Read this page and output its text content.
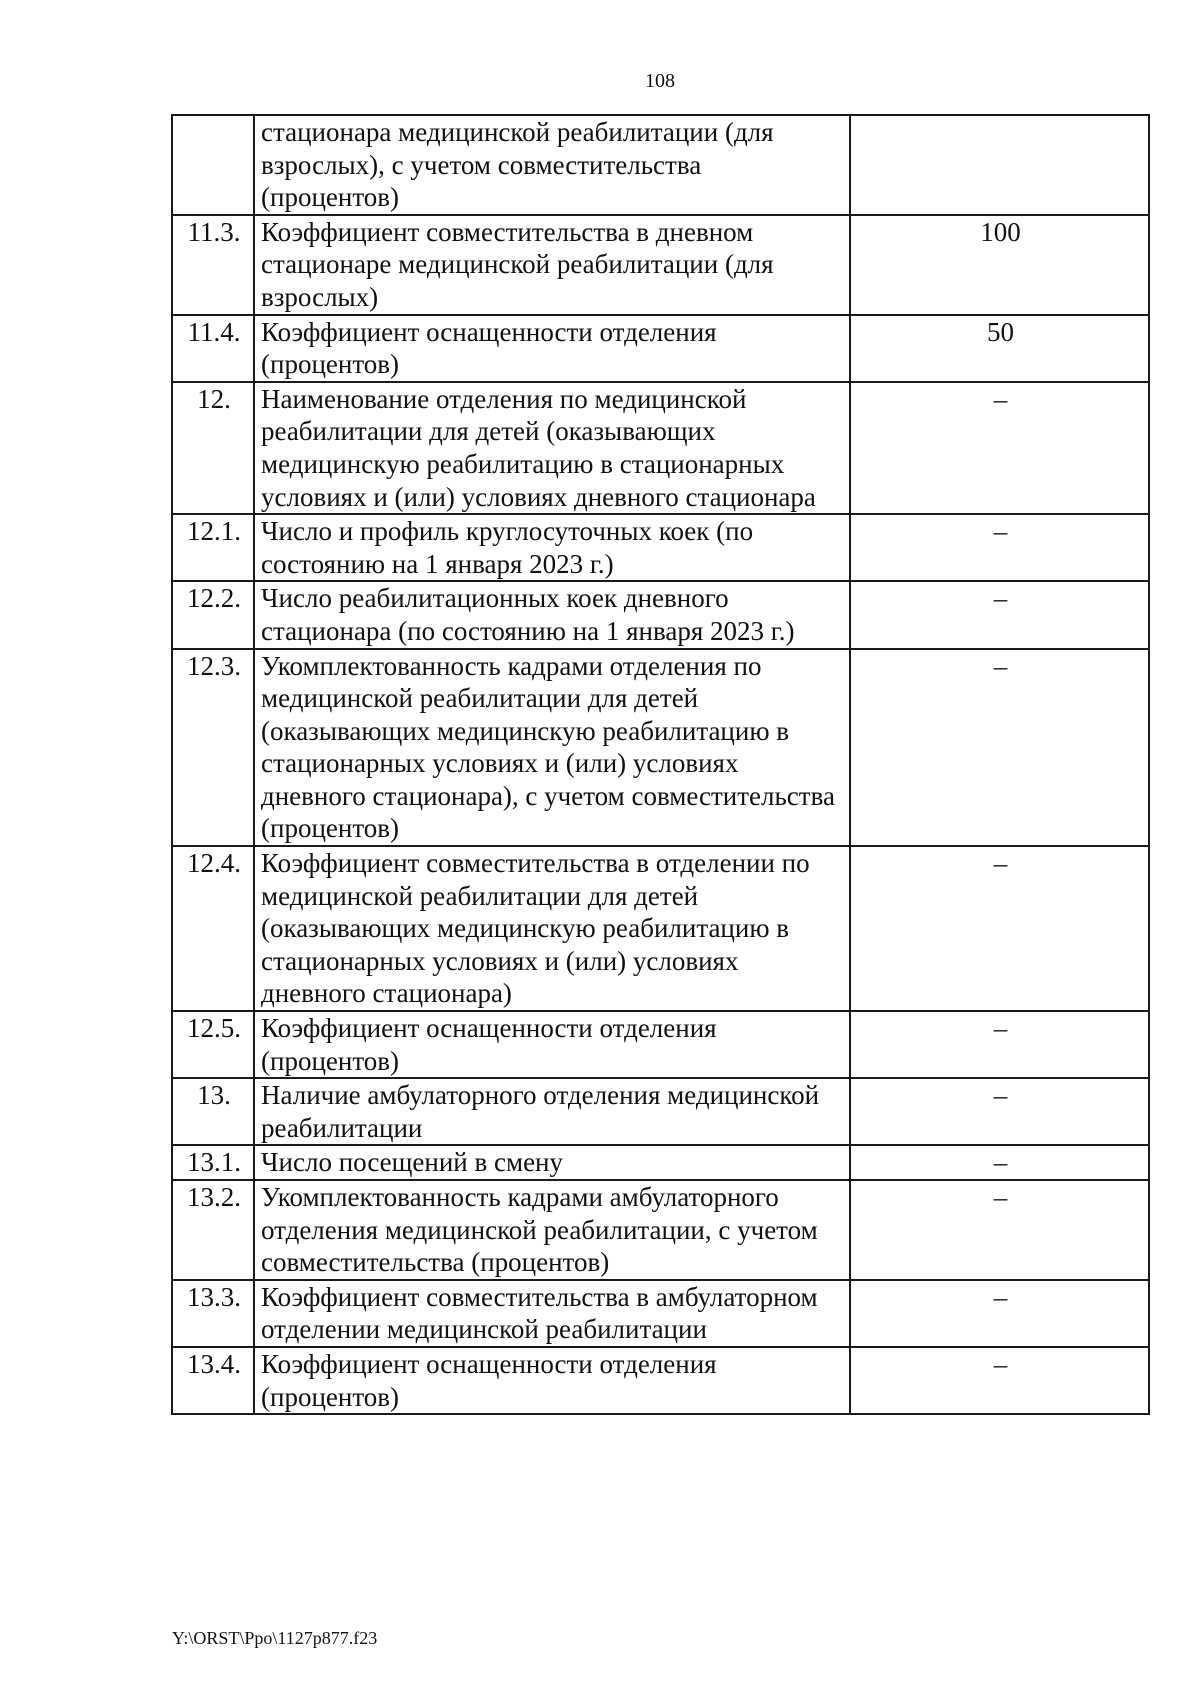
108
	стационара медицинской реабилитации (для взрослых), с учетом совместительства (процентов)	
11.3.	Коэффициент совместительства в дневном стационаре медицинской реабилитации (для взрослых)	100
11.4.	Коэффициент оснащенности отделения (процентов)	50
12.	Наименование отделения по медицинской реабилитации для детей (оказывающих медицинскую реабилитацию в стационарных условиях и (или) условиях дневного стационара	–
12.1.	Число и профиль круглосуточных коек (по состоянию на 1 января 2023 г.)	–
12.2.	Число реабилитационных коек дневного стационара (по состоянию на 1 января 2023 г.)	–
12.3.	Укомплектованность кадрами отделения по медицинской реабилитации для детей (оказывающих медицинскую реабилитацию в стационарных условиях и (или) условиях дневного стационара), с учетом совместительства (процентов)	–
12.4.	Коэффициент совместительства в отделении по медицинской реабилитации для детей (оказывающих медицинскую реабилитацию в стационарных условиях и (или) условиях дневного стационара)	–
12.5.	Коэффициент оснащенности отделения (процентов)	–
13.	Наличие амбулаторного отделения медицинской реабилитации	–
13.1.	Число посещений в смену	–
13.2.	Укомплектованность кадрами амбулаторного отделения медицинской реабилитации, с учетом совместительства (процентов)	–
13.3.	Коэффициент совместительства в амбулаторном отделении медицинской реабилитации	–
13.4.	Коэффициент оснащенности отделения (процентов)	–
Y:\ORST\Ppo\1127p877.f23
